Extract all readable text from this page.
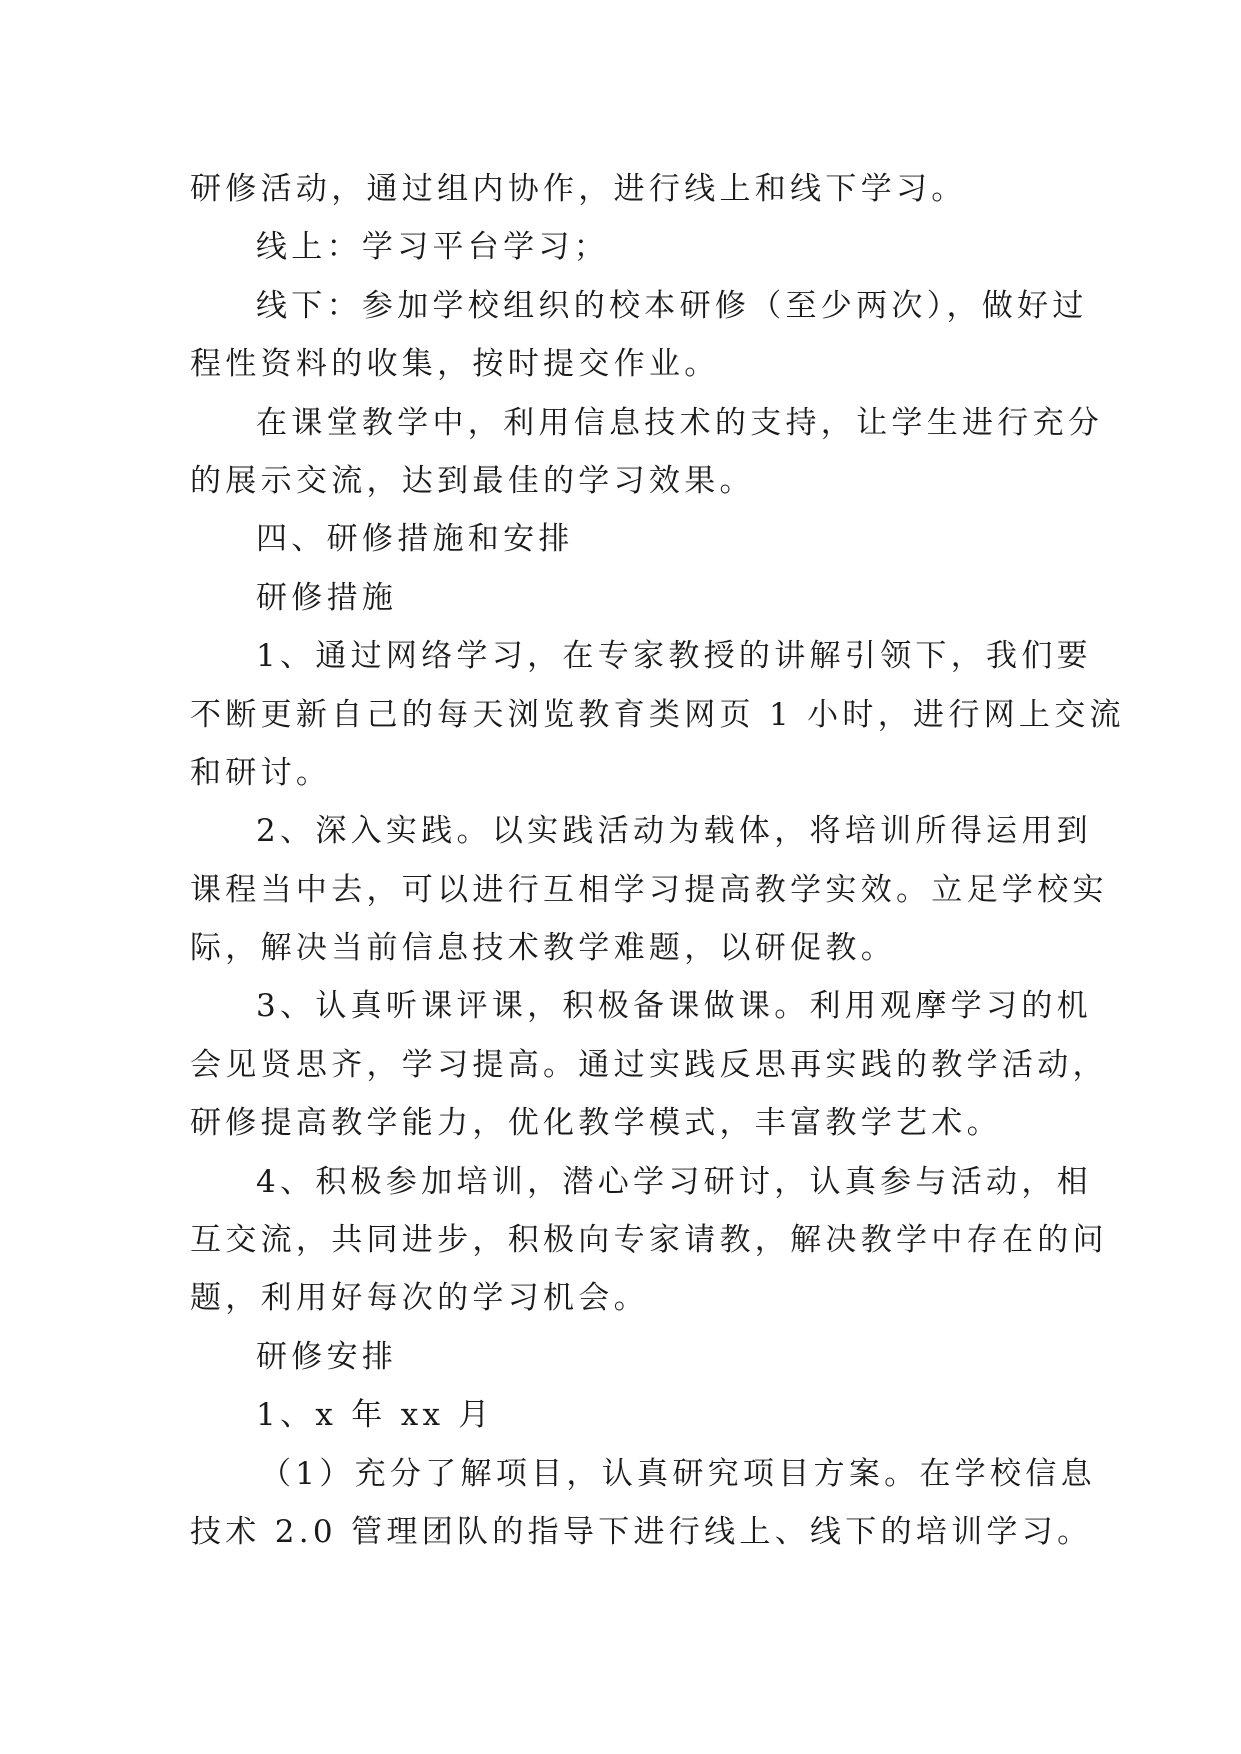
研修活动，通过组内协作，进行线上和线下学习。
线上：学习平台学习；
线下：参加学校组织的校本研修（至少两次），做好过
程性资料的收集，按时提交作业。
在课堂教学中，利用信息技术的支持，让学生进行充分
的展示交流，达到最佳的学习效果。
四、研修措施和安排
研修措施
1、通过网络学习，在专家教授的讲解引领下，我们要
不断更新自己的每天浏览教育类网页 1 小时，进行网上交流
和研讨。
2、深入实践。以实践活动为载体，将培训所得运用到
课程当中去，可以进行互相学习提高教学实效。立足学校实
际，解决当前信息技术教学难题，以研促教。
3、认真听课评课，积极备课做课。利用观摩学习的机
会见贤思齐，学习提高。通过实践反思再实践的教学活动，
研修提高教学能力，优化教学模式，丰富教学艺术。
4、积极参加培训，潜心学习研讨，认真参与活动，相
互交流，共同进步，积极向专家请教，解决教学中存在的问
题，利用好每次的学习机会。
研修安排
1、x 年 xx 月
（1）充分了解项目，认真研究项目方案。在学校信息
技术 2.0 管理团队的指导下进行线上、线下的培训学习。
